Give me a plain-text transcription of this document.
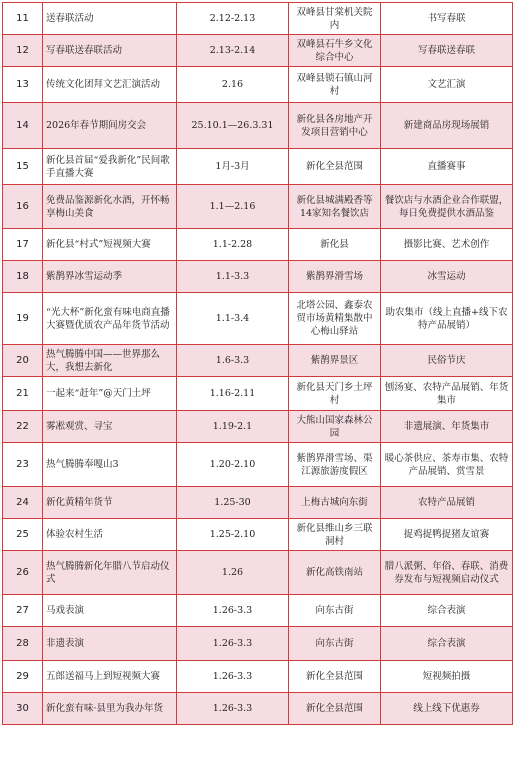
11	送春联活动	2.12-2.13	双峰县甘棠机关院内	书写春联
12	写春联送春联活动	2.13-2.14	双峰县石牛乡文化综合中心	写春联送春联
13	传统文化团拜文艺汇演活动	2.16	双峰县锁石镇山河村	文艺汇演
14	2026年春节期间房交会	25.10.1—26.3.31	新化县各房地产开发项目营销中心	新建商品房现场展销
15	新化县首届“爱我新化”民间歌手直播大赛	1月-3月	新化全县范围	直播赛事
16	免费品鉴源新化水酒，开怀畅享梅山美食	1.1—2.16	新化县城满殿香等14家知名餐饮店	餐饮店与水酒企业合作联盟，每日免费提供水酒品鉴
17	新化县“村式”短视频大赛	1.1-2.28	新化县	摄影比赛、艺术创作
18	紫鹊界冰雪运动季	1.1-3.3	紫鹊界滑雪场	冰雪运动
19	“光大杯”新化蛮有味电商直播大赛暨优质农产品年货节活动	1.1-3.4	北塔公园、鑫泰农贸市场黄精集散中心梅山驿站	助农集市（线上直播+线下农特产品展销）
20	热气腾腾中国——世界那么大，我想去新化	1.6-3.3	紫鹊界景区	民俗节庆
21	一起来“赶年”@天门土坪	1.16-2.11	新化县天门乡土坪村	刨汤宴、农特产品展销、年货集市
22	雾凇观赏、寻宝	1.19-2.1	大熊山国家森林公园	非遗展演、年货集市
23	热气腾腾奉嘎山3	1.20-2.10	紫鹊界滑雪场、渠江源旅游度假区	暖心茶供应、茶寿市集、农特产品展销、赏雪景
24	新化黄精年货节	1.25-30	上梅古城向东街	农特产品展销
25	体验农村生活	1.25-2.10	新化县维山乡三联洞村	捉鸡捉鸭捉猪友谊赛
26	热气腾腾新化年腊八节启动仪式	1.26	新化高铁南站	腊八派粥、年俗、春联、消费券发布与短视频启动仪式
27	马戏表演	1.26-3.3	向东古街	综合表演
28	非遗表演	1.26-3.3	向东古街	综合表演
29	五郎送福马上到短视频大赛	1.26-3.3	新化全县范围	短视频拍摄
30	新化蛮有味·县里为我办年货	1.26-3.3	新化全县范围	线上线下优惠券
